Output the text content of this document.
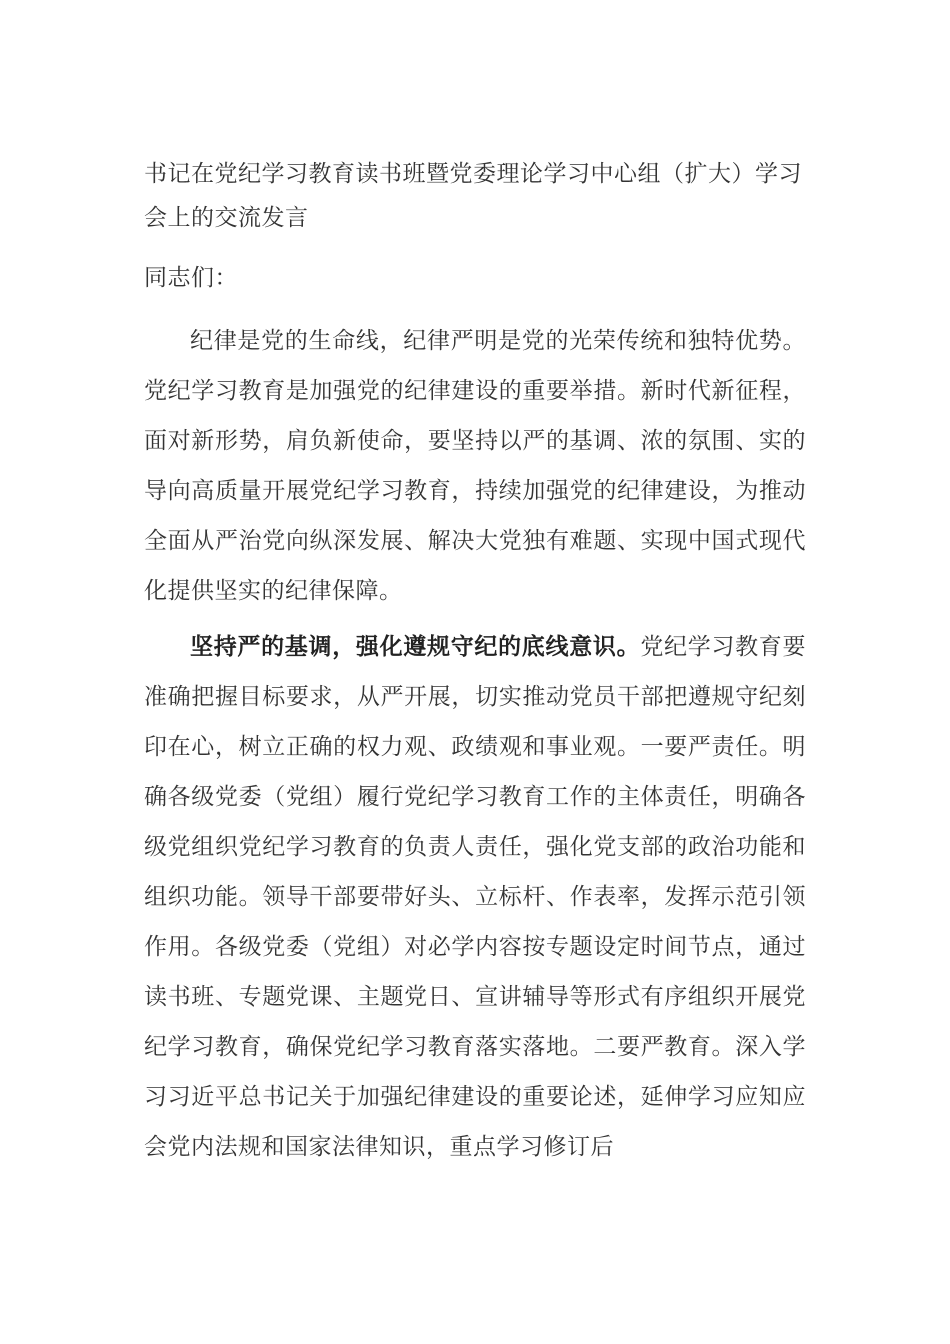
书记在党纪学习教育读书班暨党委理论学习中心组（扩大）学习会上的交流发言

同志们：

纪律是党的生命线，纪律严明是党的光荣传统和独特优势。党纪学习教育是加强党的纪律建设的重要举措。新时代新征程，面对新形势，肩负新使命，要坚持以严的基调、浓的氛围、实的导向高质量开展党纪学习教育，持续加强党的纪律建设，为推动全面从严治党向纵深发展、解决大党独有难题、实现中国式现代化提供坚实的纪律保障。

坚持严的基调，强化遵规守纪的底线意识。党纪学习教育要准确把握目标要求，从严开展，切实推动党员干部把遵规守纪刻印在心，树立正确的权力观、政绩观和事业观。一要严责任。明确各级党委（党组）履行党纪学习教育工作的主体责任，明确各级党组织党纪学习教育的负责人责任，强化党支部的政治功能和组织功能。领导干部要带好头、立标杆、作表率，发挥示范引领作用。各级党委（党组）对必学内容按专题设定时间节点，通过读书班、专题党课、主题党日、宣讲辅导等形式有序组织开展党纪学习教育，确保党纪学习教育落实落地。二要严教育。深入学习习近平总书记关于加强纪律建设的重要论述，延伸学习应知应会党内法规和国家法律知识，重点学习修订后
